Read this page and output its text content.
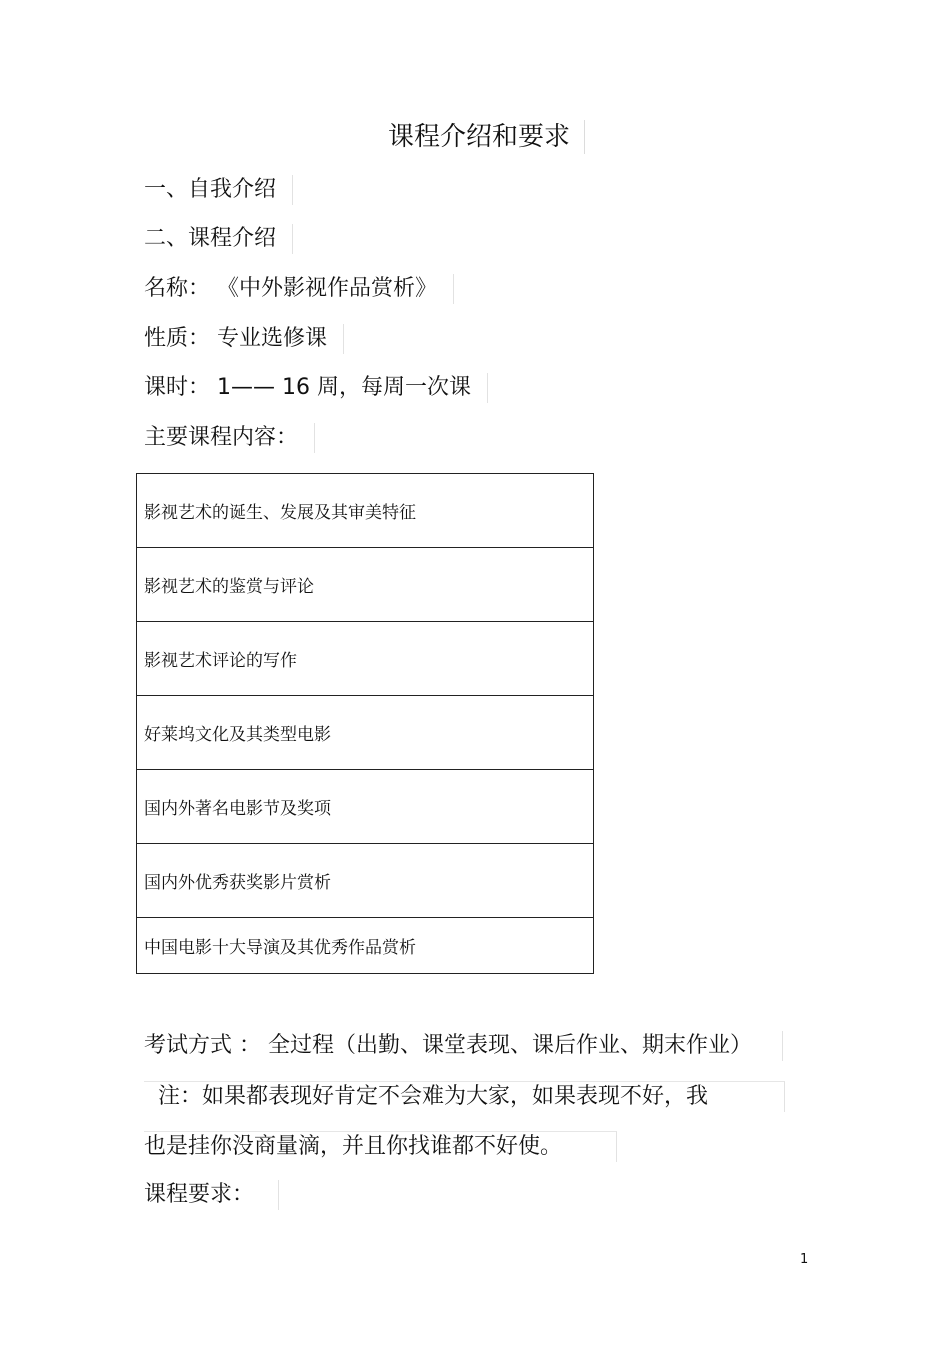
课程介绍和要求
一、自我介绍
二、课程介绍
名称： 《中外影视作品赏析》
性质： 专业选修课
课时： 1—— 16 周，每周一次课
主要课程内容：
影视艺术的诞生、发展及其审美特征
影视艺术的鉴赏与评论
影视艺术评论的写作
好莱坞文化及其类型电影
国内外著名电影节及奖项
国内外优秀获奖影片赏析
中国电影十大导演及其优秀作品赏析
考试方式 ： 全过程（出勤、课堂表现、课后作业、期末作业）
注：如果都表现好肯定不会难为大家，如果表现不好，我
也是挂你没商量滴，并且你找谁都不好使。
课程要求：
1
